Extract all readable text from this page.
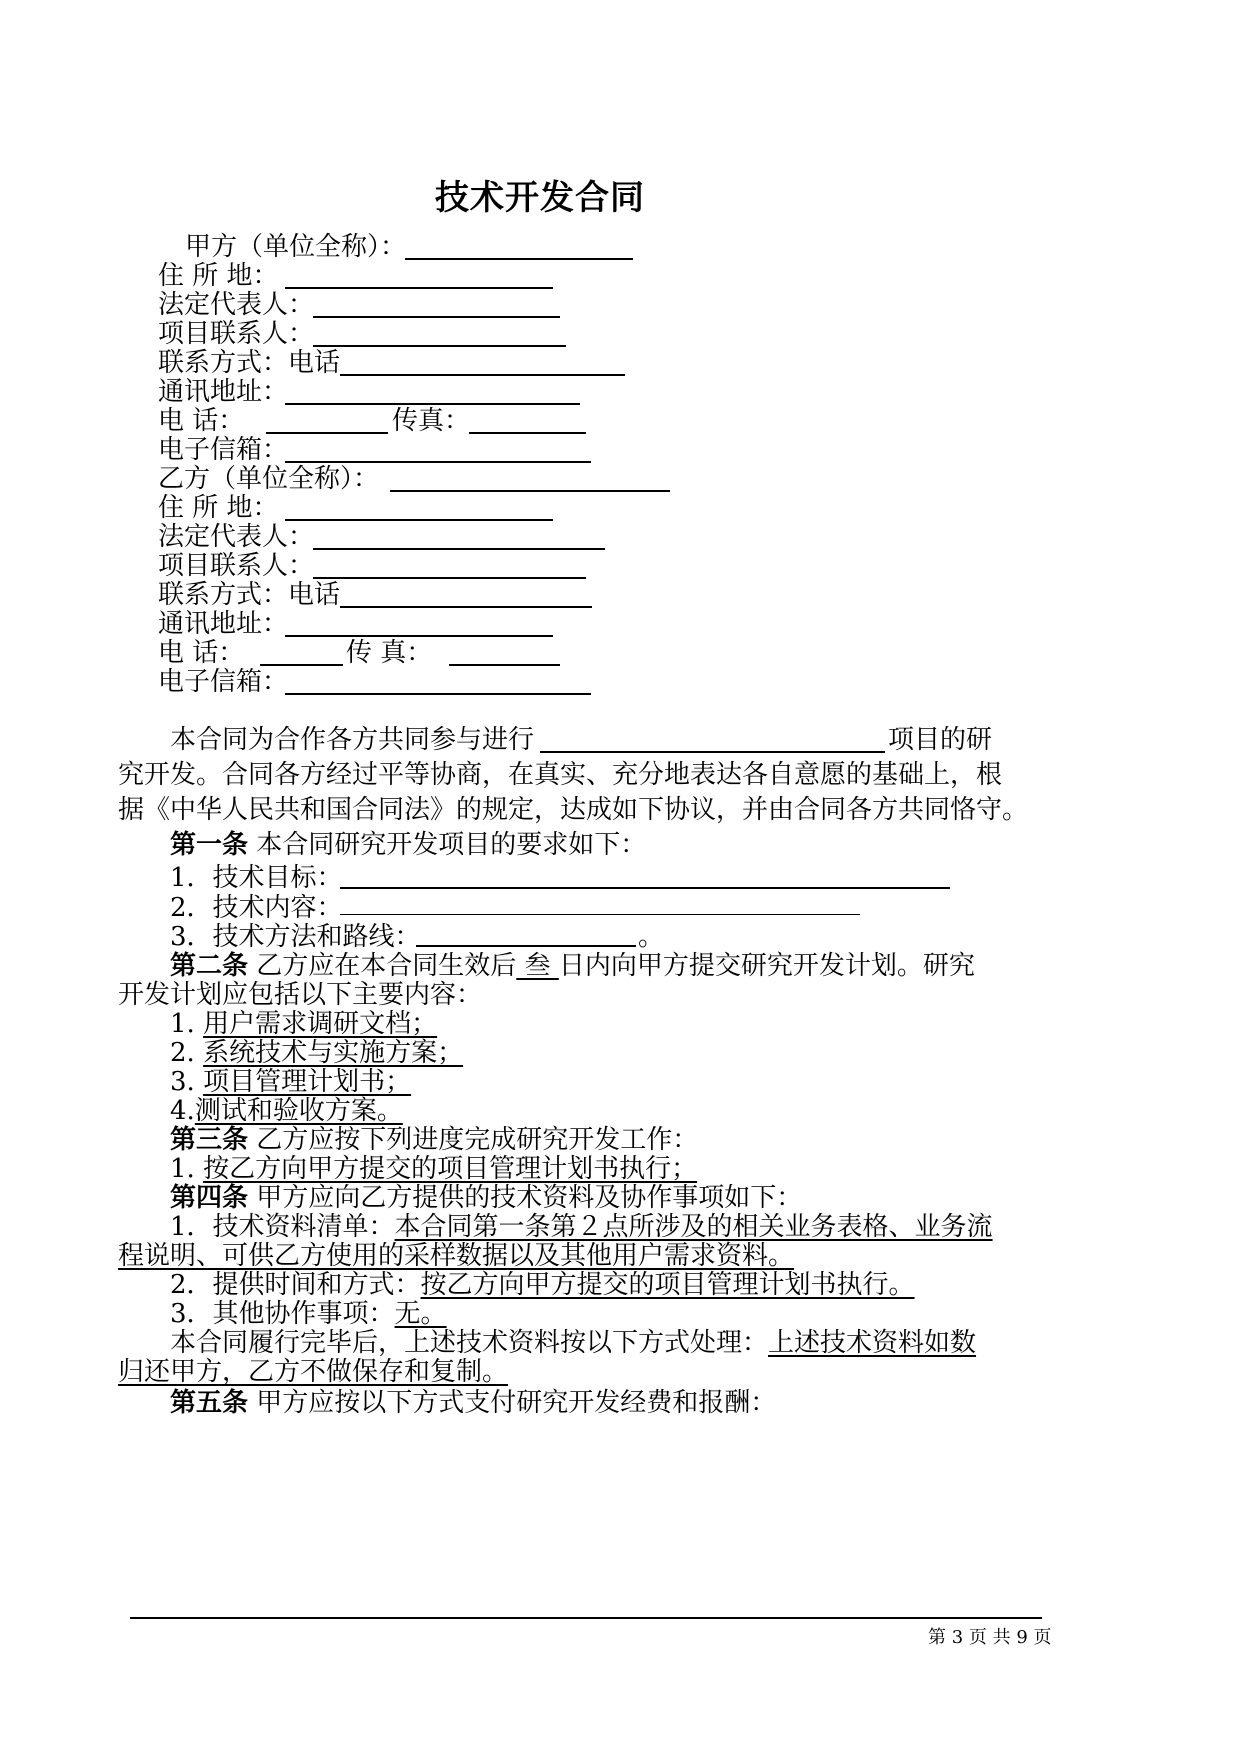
技术开发合同
甲方（单位全称）：
住 所 地：
法定代表人：
项目联系人：
联系方式：电话
通讯地址：
电 话：	传真：
电子信箱：
乙方（单位全称）：
住 所 地：
法定代表人：
项目联系人：
联系方式：电话
通讯地址：
电 话：	传 真：
电子信箱：
本合同为合作各方共同参与进行	项目的研
究开发。合同各方经过平等协商，在真实、充分地表达各自意愿的基础上，根
据《中华人民共和国合同法》的规定，达成如下协议，并由合同各方共同恪守。
第一条 本合同研究开发项目的要求如下：
1．技术目标：
2．技术内容：
3．技术方法和路线：	。
第二条 乙方应在本合同生效后 叁 日内向甲方提交研究开发计划。研究
开发计划应包括以下主要内容：
1. 用户需求调研文档；
2. 系统技术与实施方案；
3. 项目管理计划书；
4.测试和验收方案。
第三条 乙方应按下列进度完成研究开发工作：
1. 按乙方向甲方提交的项目管理计划书执行；
第四条 甲方应向乙方提供的技术资料及协作事项如下：
1．技术资料清单：本合同第一条第２点所涉及的相关业务表格、业务流
程说明、可供乙方使用的采样数据以及其他用户需求资料。
2．提供时间和方式：按乙方向甲方提交的项目管理计划书执行。
3．其他协作事项：无。
本合同履行完毕后，上述技术资料按以下方式处理：上述技术资料如数
归还甲方，乙方不做保存和复制。
第五条 甲方应按以下方式支付研究开发经费和报酬：
第 3 页 共 9 页
